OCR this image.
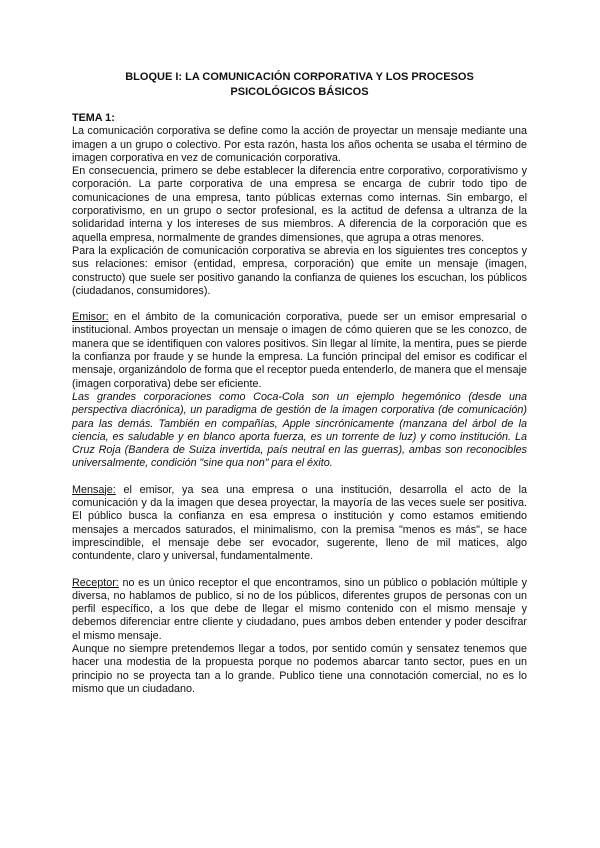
BLOQUE I: LA COMUNICACIÓN CORPORATIVA Y LOS PROCESOS
PSICOLÓGICOS BÁSICOS
TEMA 1:

La comunicación corporativa se define como la acción de proyectar un mensaje mediante una imagen a un grupo o colectivo. Por esta razón, hasta los años ochenta se usaba el término de imagen corporativa en vez de comunicación corporativa.

En consecuencia, primero se debe establecer la diferencia entre corporativo, corporativismo y corporación. La parte corporativa de una empresa se encarga de cubrir todo tipo de comunicaciones de una empresa, tanto públicas externas como internas. Sin embargo, el corporativismo, en un grupo o sector profesional, es la actitud de defensa a ultranza de la solidaridad interna y los intereses de sus miembros. A diferencia de la corporación que es aquella empresa, normalmente de grandes dimensiones, que agrupa a otras menores.

Para la explicación de comunicación corporativa se abrevia en los siguientes tres conceptos y sus relaciones: emisor (entidad, empresa, corporación) que emite un mensaje (imagen, constructo) que suele ser positivo ganando la confianza de quienes los escuchan, los públicos (ciudadanos, consumidores).

Emisor: en el ámbito de la comunicación corporativa, puede ser un emisor empresarial o institucional. Ambos proyectan un mensaje o imagen de cómo quieren que se les conozco, de manera que se identifiquen con valores positivos. Sin llegar al límite, la mentira, pues se pierde la confianza por fraude y se hunde la empresa. La función principal del emisor es codificar el mensaje, organizándolo de forma que el receptor pueda entenderlo, de manera que el mensaje (imagen corporativa) debe ser eficiente.

Las grandes corporaciones como Coca-Cola son un ejemplo hegemónico (desde una perspectiva diacrónica), un paradigma de gestión de la imagen corporativa (de comunicación) para las demás. También en compañías, Apple sincrónicamente (manzana del árbol de la ciencia, es saludable y en blanco aporta fuerza, es un torrente de luz) y como institución. La Cruz Roja (Bandera de Suiza invertida, país neutral en las guerras), ambas son reconocibles universalmente, condición "sine qua non" para el éxito.

Mensaje: el emisor, ya sea una empresa o una institución, desarrolla el acto de la comunicación y da la imagen que desea proyectar, la mayoría de las veces suele ser positiva. El público busca la confianza en esa empresa o institución y como estamos emitiendo mensajes a mercados saturados, el minimalismo, con la premisa "menos es más", se hace imprescindible, el mensaje debe ser evocador, sugerente, lleno de mil matices, algo contundente, claro y universal, fundamentalmente.

Receptor: no es un único receptor el que encontramos, sino un público o población múltiple y diversa, no hablamos de publico, si no de los públicos, diferentes grupos de personas con un perfil específico, a los que debe de llegar el mismo contenido con el mismo mensaje y debemos diferenciar entre cliente y ciudadano, pues ambos deben entender y poder descifrar el mismo mensaje.

Aunque no siempre pretendemos llegar a todos, por sentido común y sensatez tenemos que hacer una modestia de la propuesta porque no podemos abarcar tanto sector, pues en un principio no se proyecta tan a lo grande. Publico tiene una connotación comercial, no es lo mismo que un ciudadano.
